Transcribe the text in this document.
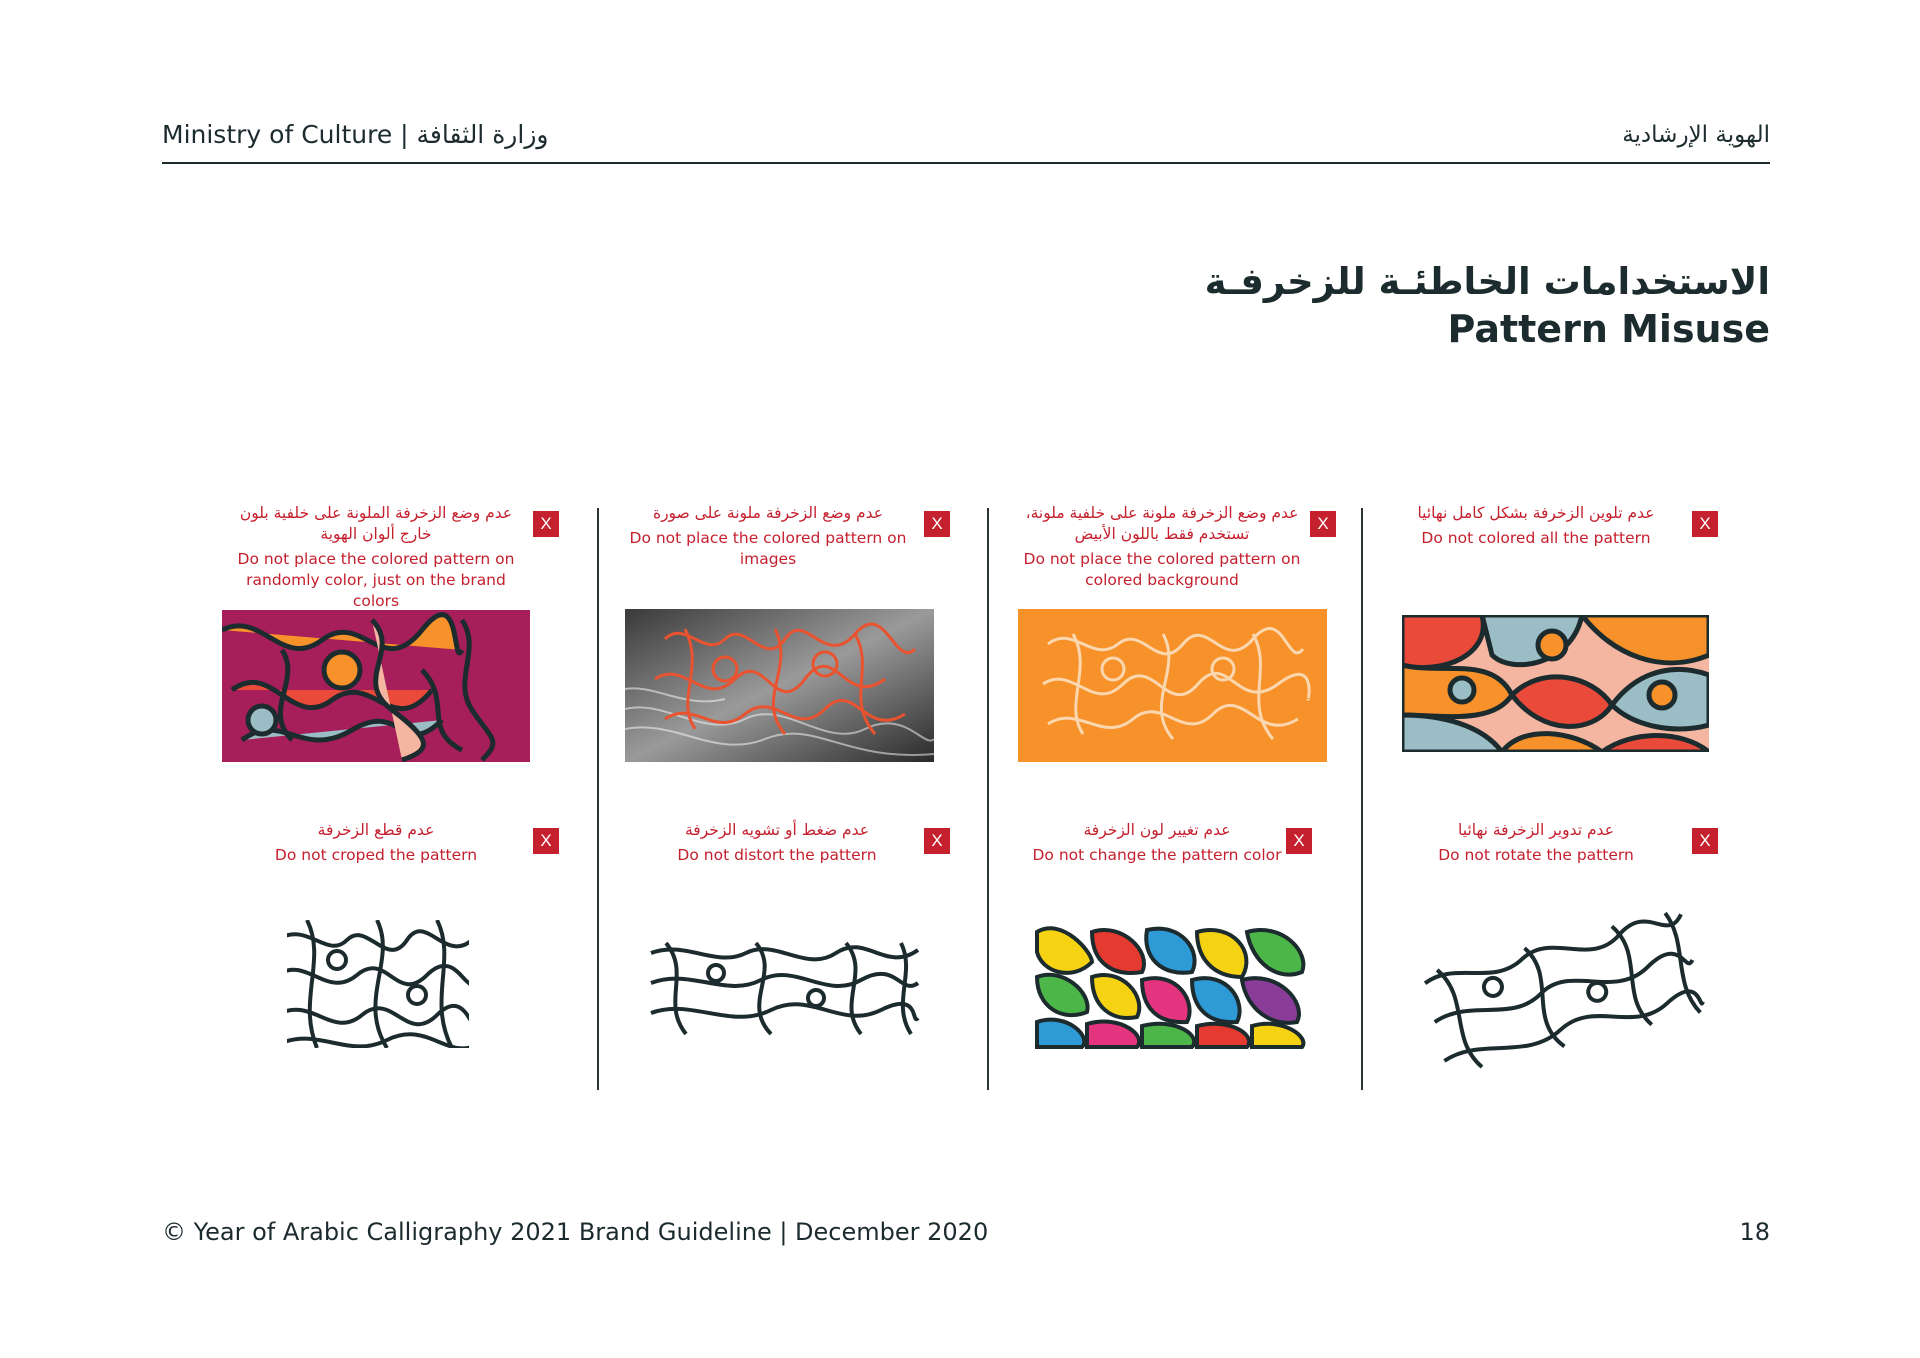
Ministry of Culture | وزارة الثقافة	الهوية الإرشادية
الاستخدامات الخاطئـة للزخرفـة
Pattern Misuse
عدم وضع الزخرفة الملونة على خلفية بلون خارج ألوان الهوية
Do not place the colored pattern on randomly color, just on the brand colors
X
عدم وضع الزخرفة ملونة على صورة
Do not place the colored pattern on images
X
عدم وضع الزخرفة ملونة على خلفية ملونة، تستخدم فقط باللون الأبيض
Do not place the colored pattern on colored background
X
عدم تلوين الزخرفة بشكل كامل نهائيا
Do not colored all the pattern
X
عدم قطع الزخرفة
Do not croped the pattern
X
عدم ضغط أو تشويه الزخرفة
Do not distort the pattern
X
عدم تغيير لون الزخرفة
Do not change the pattern color
X
عدم تدوير الزخرفة نهائيا
Do not rotate the pattern
X
© Year of Arabic Calligraphy 2021 Brand Guideline | December 2020	18
